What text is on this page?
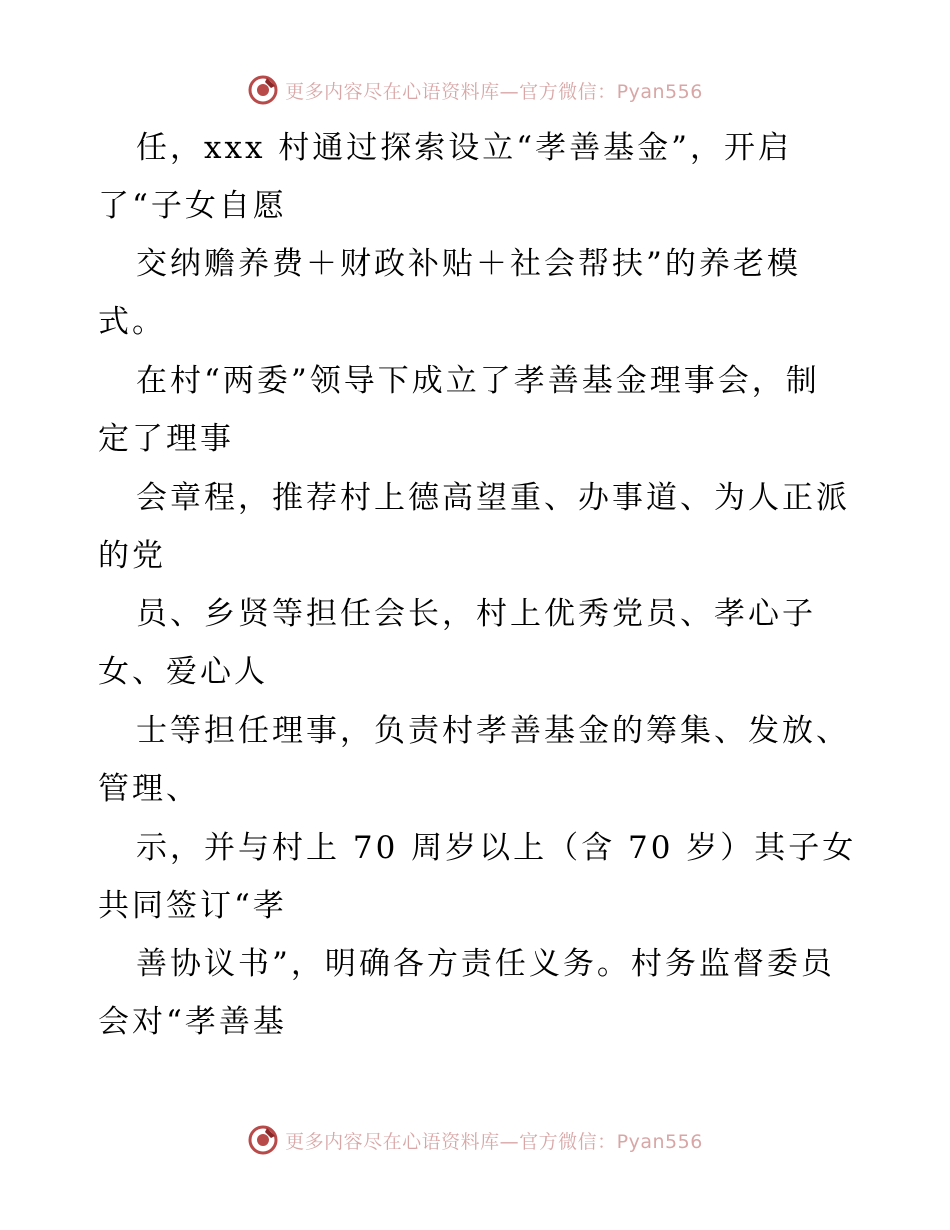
更多内容尽在心语资料库—官方微信：Pyan556
任，xxx 村通过探索设立“孝善基金”，开启
了“子女自愿
交纳赡养费＋财政补贴＋社会帮扶”的养老模
式。
在村“两委”领导下成立了孝善基金理事会，制
定了理事
会章程，推荐村上德高望重、办事道、为人正派
的党
员、乡贤等担任会长，村上优秀党员、孝心子
女、爱心人
士等担任理事，负责村孝善基金的筹集、发放、
管理、
示，并与村上 70 周岁以上（含 70 岁）其子女
共同签订“孝
善协议书”，明确各方责任义务。村务监督委员
会对“孝善基
更多内容尽在心语资料库—官方微信：Pyan556
